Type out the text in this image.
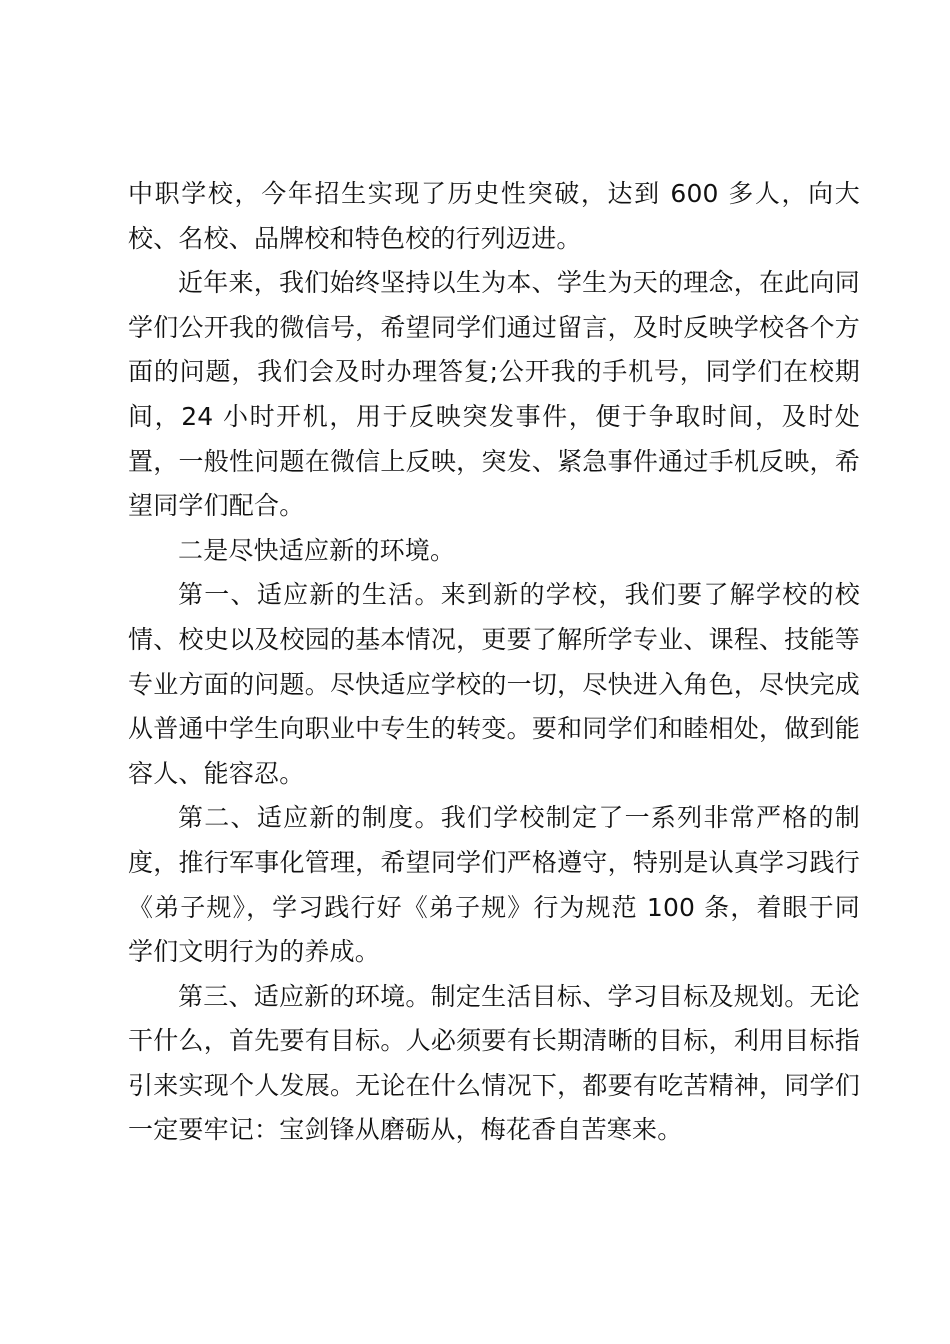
中职学校，今年招生实现了历史性突破，达到 600 多人，向大校、名校、品牌校和特色校的行列迈进。

近年来，我们始终坚持以生为本、学生为天的理念，在此向同学们公开我的微信号，希望同学们通过留言，及时反映学校各个方面的问题，我们会及时办理答复;公开我的手机号，同学们在校期间，24 小时开机，用于反映突发事件，便于争取时间，及时处置，一般性问题在微信上反映，突发、紧急事件通过手机反映，希望同学们配合。

二是尽快适应新的环境。

第一、适应新的生活。来到新的学校，我们要了解学校的校情、校史以及校园的基本情况，更要了解所学专业、课程、技能等专业方面的问题。尽快适应学校的一切，尽快进入角色，尽快完成从普通中学生向职业中专生的转变。要和同学们和睦相处，做到能容人、能容忍。

第二、适应新的制度。我们学校制定了一系列非常严格的制度，推行军事化管理，希望同学们严格遵守，特别是认真学习践行《弟子规》，学习践行好《弟子规》行为规范 100 条，着眼于同学们文明行为的养成。

第三、适应新的环境。制定生活目标、学习目标及规划。无论干什么，首先要有目标。人必须要有长期清晰的目标，利用目标指引来实现个人发展。无论在什么情况下，都要有吃苦精神，同学们一定要牢记：宝剑锋从磨砺从，梅花香自苦寒来。
